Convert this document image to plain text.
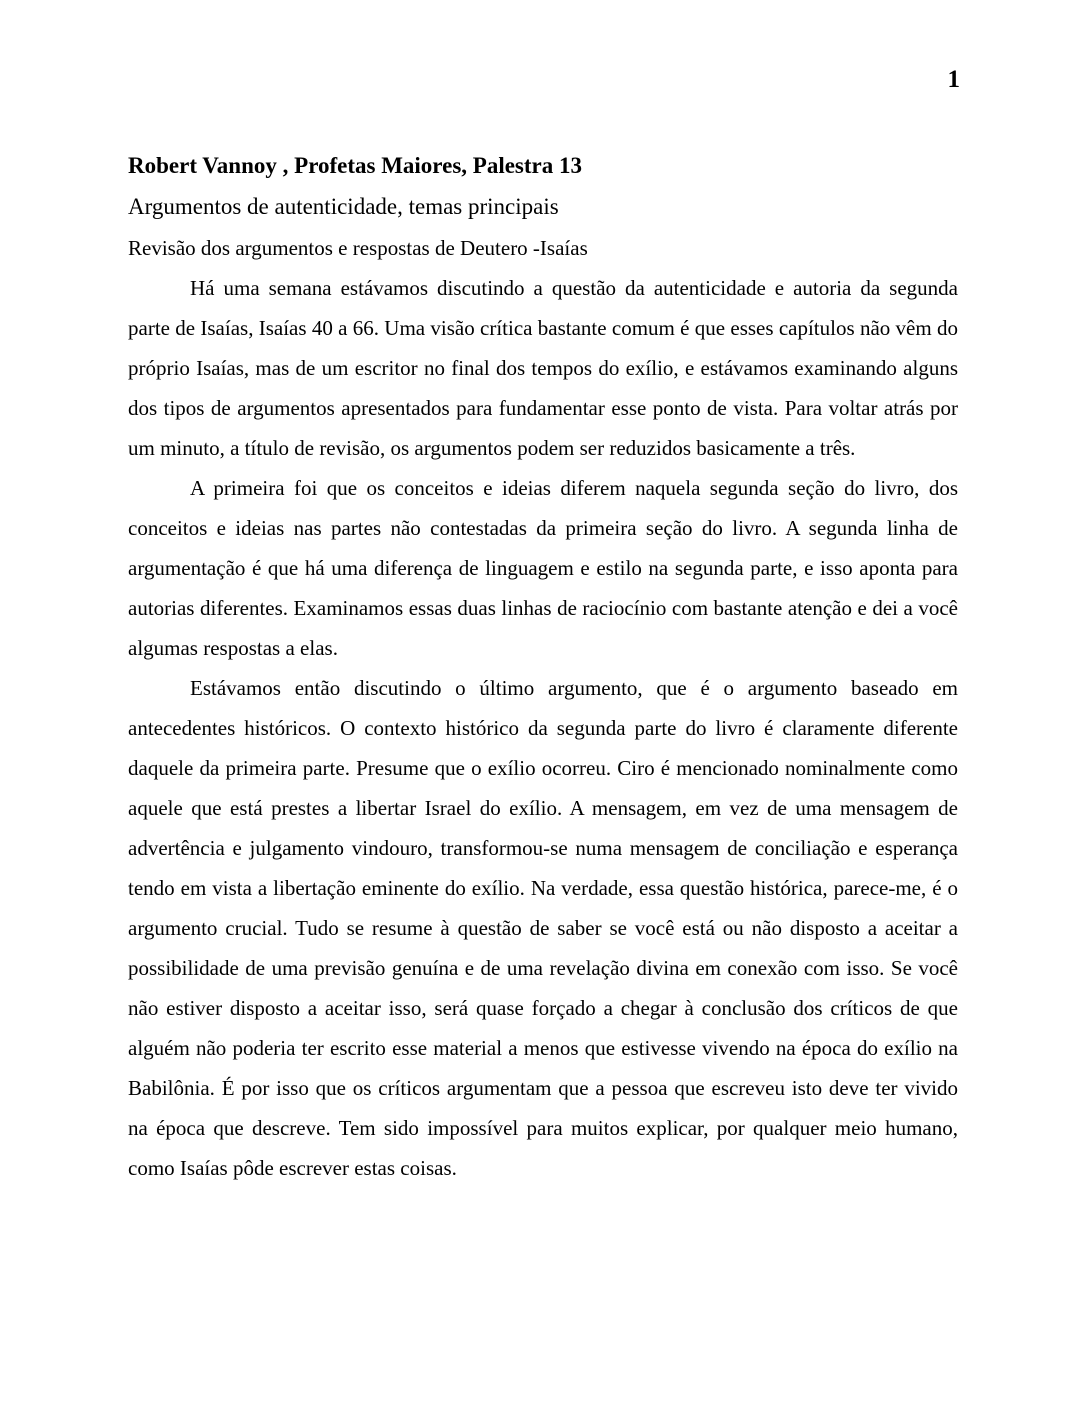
1
Robert Vannoy , Profetas Maiores, Palestra 13
Argumentos de autenticidade, temas principais
Revisão dos argumentos e respostas de Deutero -Isaías

Há uma semana estávamos discutindo a questão da autenticidade e autoria da segunda parte de Isaías, Isaías 40 a 66. Uma visão crítica bastante comum é que esses capítulos não vêm do próprio Isaías, mas de um escritor no final dos tempos do exílio, e estávamos examinando alguns dos tipos de argumentos apresentados para fundamentar esse ponto de vista. Para voltar atrás por um minuto, a título de revisão, os argumentos podem ser reduzidos basicamente a três.

A primeira foi que os conceitos e ideias diferem naquela segunda seção do livro, dos conceitos e ideias nas partes não contestadas da primeira seção do livro. A segunda linha de argumentação é que há uma diferença de linguagem e estilo na segunda parte, e isso aponta para autorias diferentes. Examinamos essas duas linhas de raciocínio com bastante atenção e dei a você algumas respostas a elas.

Estávamos então discutindo o último argumento, que é o argumento baseado em antecedentes históricos. O contexto histórico da segunda parte do livro é claramente diferente daquele da primeira parte. Presume que o exílio ocorreu. Ciro é mencionado nominalmente como aquele que está prestes a libertar Israel do exílio. A mensagem, em vez de uma mensagem de advertência e julgamento vindouro, transformou-se numa mensagem de conciliação e esperança tendo em vista a libertação eminente do exílio. Na verdade, essa questão histórica, parece-me, é o argumento crucial. Tudo se resume à questão de saber se você está ou não disposto a aceitar a possibilidade de uma previsão genuína e de uma revelação divina em conexão com isso. Se você não estiver disposto a aceitar isso, será quase forçado a chegar à conclusão dos críticos de que alguém não poderia ter escrito esse material a menos que estivesse vivendo na época do exílio na Babilônia. É por isso que os críticos argumentam que a pessoa que escreveu isto deve ter vivido na época que descreve. Tem sido impossível para muitos explicar, por qualquer meio humano, como Isaías pôde escrever estas coisas.
